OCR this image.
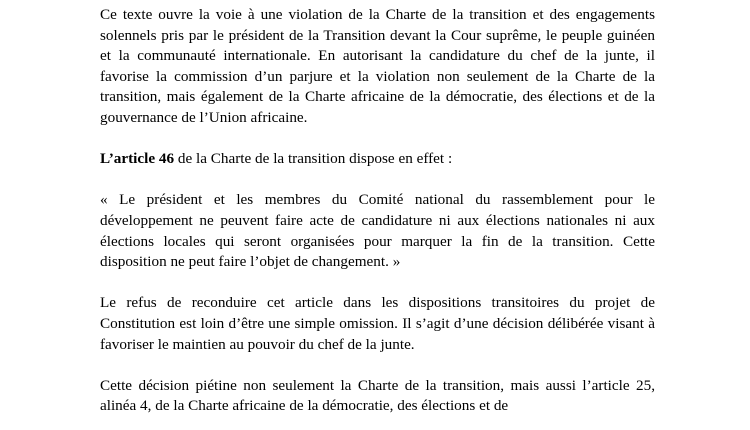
Ce texte ouvre la voie à une violation de la Charte de la transition et des engagements solennels pris par le président de la Transition devant la Cour suprême, le peuple guinéen et la communauté internationale. En autorisant la candidature du chef de la junte, il favorise la commission d’un parjure et la violation non seulement de la Charte de la transition, mais également de la Charte africaine de la démocratie, des élections et de la gouvernance de l’Union africaine.

L’article 46 de la Charte de la transition dispose en effet :

« Le président et les membres du Comité national du rassemblement pour le développement ne peuvent faire acte de candidature ni aux élections nationales ni aux élections locales qui seront organisées pour marquer la fin de la transition. Cette disposition ne peut faire l’objet de changement. »

Le refus de reconduire cet article dans les dispositions transitoires du projet de Constitution est loin d’être une simple omission. Il s’agit d’une décision délibérée visant à favoriser le maintien au pouvoir du chef de la junte.

Cette décision piétine non seulement la Charte de la transition, mais aussi l’article 25, alinéa 4, de la Charte africaine de la démocratie, des élections et de
